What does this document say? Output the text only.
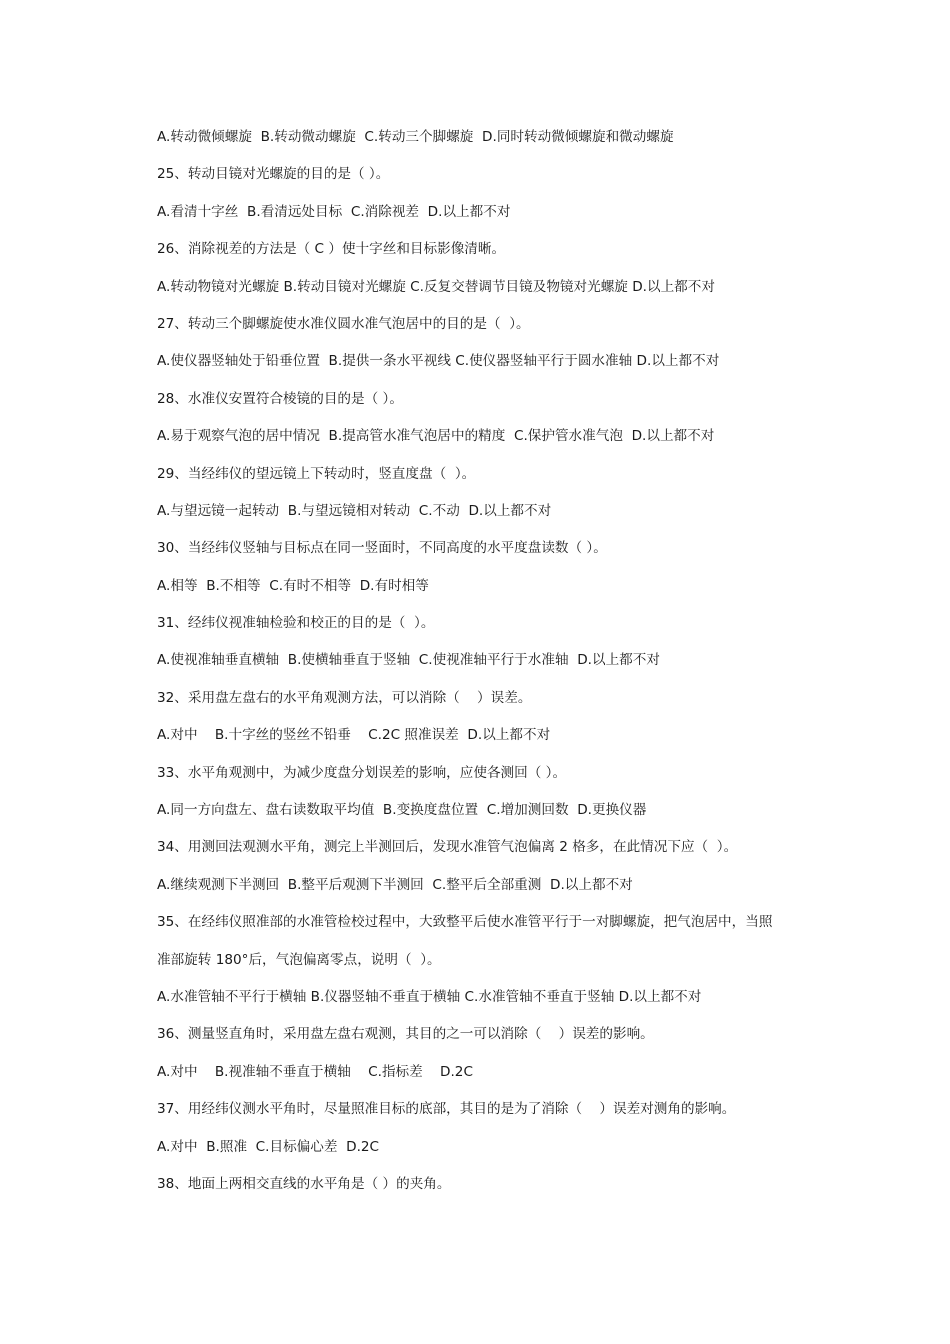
A.转动微倾螺旋  B.转动微动螺旋  C.转动三个脚螺旋  D.同时转动微倾螺旋和微动螺旋
25、转动目镜对光螺旋的目的是（ ）。
A.看清十字丝  B.看清远处目标  C.消除视差  D.以上都不对
26、消除视差的方法是（ C ）使十字丝和目标影像清晰。
A.转动物镜对光螺旋 B.转动目镜对光螺旋 C.反复交替调节目镜及物镜对光螺旋 D.以上都不对
27、转动三个脚螺旋使水准仪圆水准气泡居中的目的是（  ）。
A.使仪器竖轴处于铅垂位置  B.提供一条水平视线 C.使仪器竖轴平行于圆水准轴 D.以上都不对
28、水准仪安置符合棱镜的目的是（ ）。
A.易于观察气泡的居中情况  B.提高管水准气泡居中的精度  C.保护管水准气泡  D.以上都不对
29、当经纬仪的望远镜上下转动时，竖直度盘（  ）。
A.与望远镜一起转动  B.与望远镜相对转动  C.不动  D.以上都不对
30、当经纬仪竖轴与目标点在同一竖面时，不同高度的水平度盘读数（ ）。
A.相等  B.不相等  C.有时不相等  D.有时相等
31、经纬仪视准轴检验和校正的目的是（  ）。
A.使视准轴垂直横轴  B.使横轴垂直于竖轴  C.使视准轴平行于水准轴  D.以上都不对
32、采用盘左盘右的水平角观测方法，可以消除（    ）误差。
A.对中    B.十字丝的竖丝不铅垂    C.2C 照准误差  D.以上都不对
33、水平角观测中，为减少度盘分划误差的影响，应使各测回（ ）。
A.同一方向盘左、盘右读数取平均值  B.变换度盘位置  C.增加测回数  D.更换仪器
34、用测回法观测水平角，测完上半测回后，发现水准管气泡偏离 2 格多，在此情况下应（  ）。
A.继续观测下半测回  B.整平后观测下半测回  C.整平后全部重测  D.以上都不对
35、在经纬仪照准部的水准管检校过程中，大致整平后使水准管平行于一对脚螺旋，把气泡居中，当照
准部旋转 180°后，气泡偏离零点，说明（  ）。
A.水准管轴不平行于横轴 B.仪器竖轴不垂直于横轴 C.水准管轴不垂直于竖轴 D.以上都不对
36、测量竖直角时，采用盘左盘右观测，其目的之一可以消除（    ）误差的影响。
A.对中    B.视准轴不垂直于横轴    C.指标差    D.2C
37、用经纬仪测水平角时，尽量照准目标的底部，其目的是为了消除（    ）误差对测角的影响。
A.对中  B.照准  C.目标偏心差  D.2C
38、地面上两相交直线的水平角是（ ）的夹角。
